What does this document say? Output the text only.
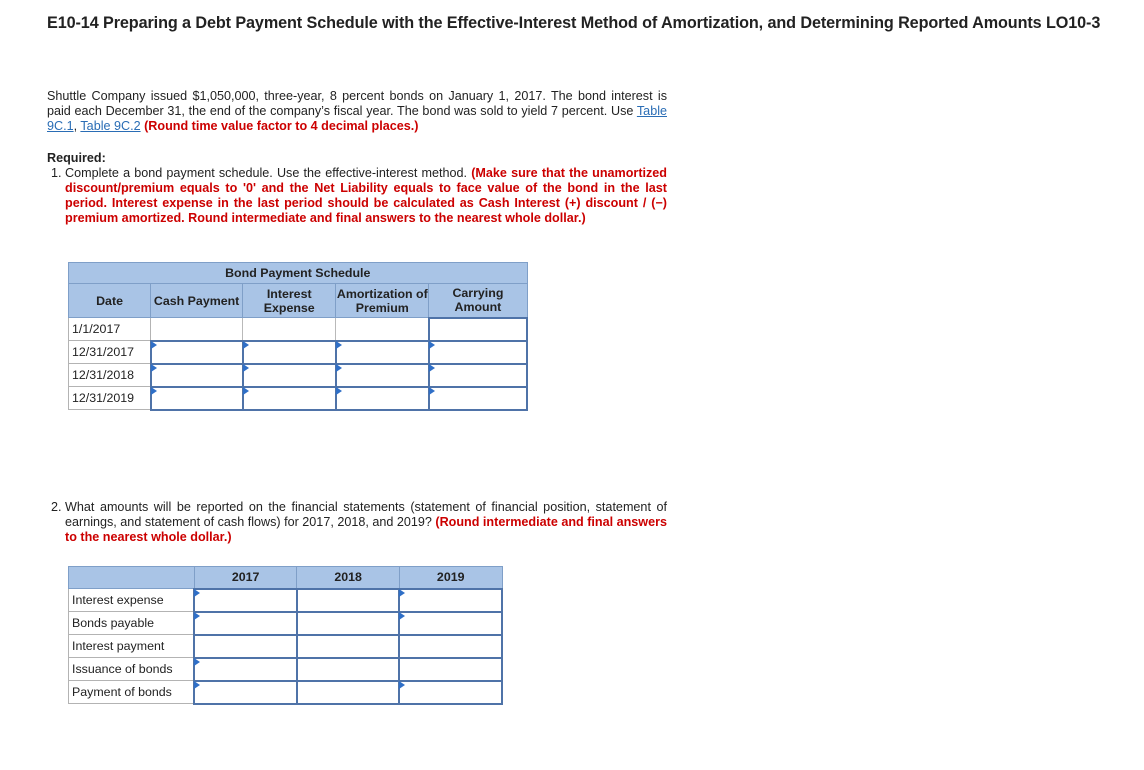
E10-14 Preparing a Debt Payment Schedule with the Effective-Interest Method of Amortization, and Determining Reported Amounts LO10-3
Shuttle Company issued $1,050,000, three-year, 8 percent bonds on January 1, 2017. The bond interest is paid each December 31, the end of the company’s fiscal year. The bond was sold to yield 7 percent. Use Table 9C.1, Table 9C.2 (Round time value factor to 4 decimal places.)
Required:
1. Complete a bond payment schedule. Use the effective-interest method. (Make sure that the unamortized discount/premium equals to '0' and the Net Liability equals to face value of the bond in the last period. Interest expense in the last period should be calculated as Cash Interest (+) discount / (−) premium amortized. Round intermediate and final answers to the nearest whole dollar.)
Bond Payment Schedule				
Date	Cash Payment	Interest Expense	Amortization of Premium	Carrying Amount
1/1/2017				
12/31/2017	

12/31/2018	

12/31/2019	

2. What amounts will be reported on the financial statements (statement of financial position, statement of earnings, and statement of cash flows) for 2017, 2018, and 2019? (Round intermediate and final answers to the nearest whole dollar.)
	2017	2018	2019
Interest expense	

Bonds payable	

Interest payment			
Issuance of bonds	

Payment of bonds	
